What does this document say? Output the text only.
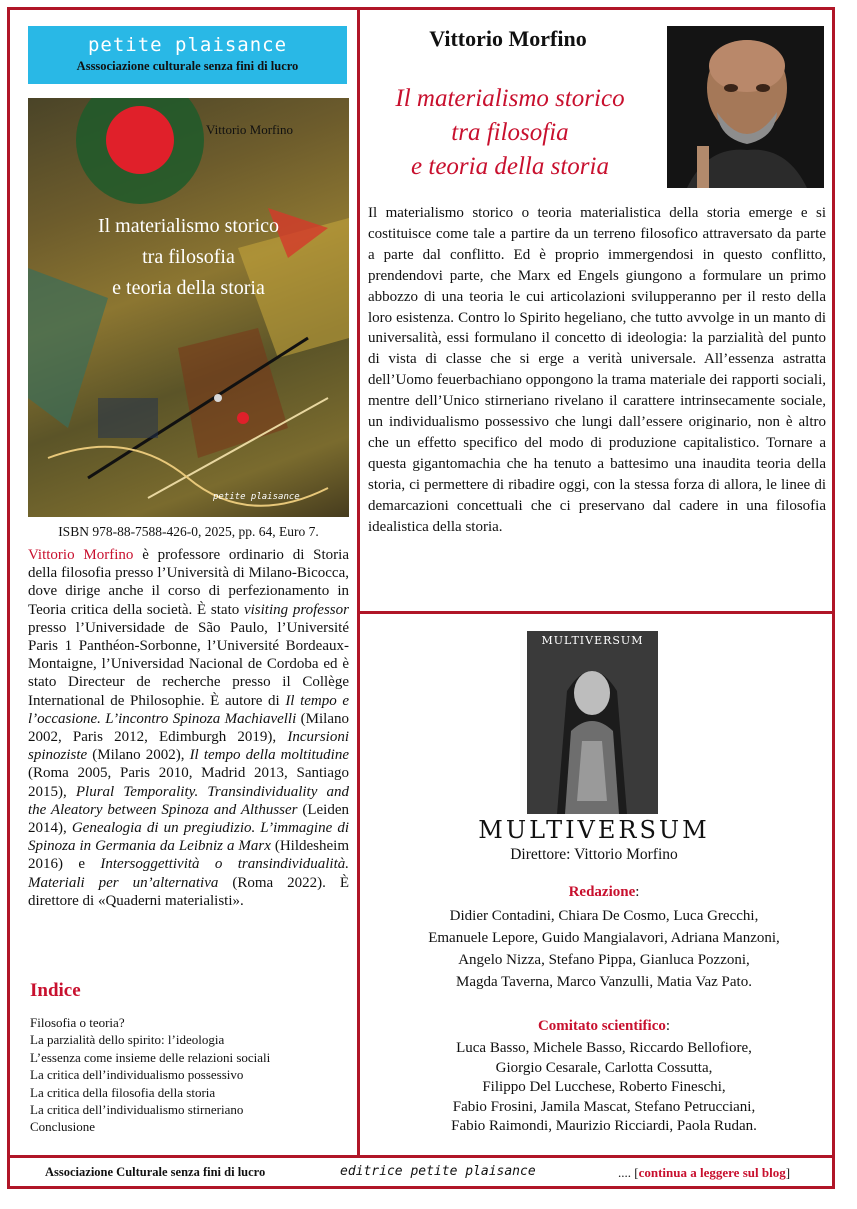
petite plaisance
Asssociazione culturale senza fini di lucro
Vittorio Morfino
Il materialismo storico
tra filosofia
e teoria della storia
petite plaisance
ISBN 978-88-7588-426-0, 2025, pp. 64, Euro 7.
Vittorio Morfino è professore ordinario di Storia della filosofia presso l’Università di Milano-Bicocca, dove dirige anche il corso di perfezionamento in Teoria critica della società. È stato visiting professor presso l’Universidade de São Paulo, l’Université Paris 1 Panthéon-Sorbonne, l’Université Bordeaux-Montaigne, l’Universidad Nacional de Cordoba ed è stato Directeur de recherche presso il Collège International de Philosophie. È autore di Il tempo e l’occasione. L’incontro Spinoza Machiavelli (Milano 2002, Paris 2012, Edimburgh 2019), Incursioni spinoziste (Milano 2002), Il tempo della moltitudine (Roma 2005, Paris 2010, Madrid 2013, Santiago 2015), Plural Temporality. Transindividuality and the Aleatory between Spinoza and Althusser (Leiden 2014), Genealogia di un pregiudizio. L’immagine di Spinoza in Germania da Leibniz a Marx (Hildesheim 2016) e Intersoggettività o transindividualità. Materiali per un’alternativa (Roma 2022). È direttore di «Quaderni materialisti».
Indice
Filosofia o teoria?
La parzialità dello spirito: l’ideologia
L’essenza come insieme delle relazioni sociali
La critica dell’individualismo possessivo
La critica della filosofia della storia
La critica dell’individualismo stirneriano
Conclusione
Vittorio Morfino
Il materialismo storico
tra filosofia
e teoria della storia
Il materialismo storico o teoria materialistica della storia emerge e si costituisce come tale a partire da un terreno filosofico attraversato da parte a parte dal conflitto. Ed è proprio immergendosi in questo conflitto, prendendovi parte, che Marx ed Engels giungono a formulare un primo abbozzo di una teoria le cui articolazioni svilupperanno per il resto della loro esistenza. Contro lo Spirito hegeliano, che tutto avvolge in un manto di universalità, essi formulano il concetto di ideologia: la parzialità del punto di vista di classe che si erge a verità universale. All’essenza astratta dell’Uomo feuerbachiano oppongono la trama materiale dei rapporti sociali, mentre dell’Unico stirneriano rivelano il carattere intrinsecamente sociale, un individualismo possessivo che lungi dall’essere originario, non è altro che un effetto specifico del modo di produzione capitalistico. Tornare a questa gigantomachia che ha tenuto a battesimo una inaudita teoria della storia, ci permettere di ribadire oggi, con la stessa forza di allora, le linee di demarcazioni concettuali che ci preservano dal cadere in una filosofia idealistica della storia.
MULTIVERSUM
MULTIVERSUM
Direttore: Vittorio Morfino
Redazione:
Didier Contadini, Chiara De Cosmo, Luca Grecchi,
Emanuele Lepore, Guido Mangialavori, Adriana Manzoni,
Angelo Nizza, Stefano Pippa, Gianluca Pozzoni,
Magda Taverna, Marco Vanzulli, Matia Vaz Pato.
Comitato scientifico:
Luca Basso, Michele Basso, Riccardo Bellofiore,
Giorgio Cesarale, Carlotta Cossutta,
Filippo Del Lucchese, Roberto Fineschi,
Fabio Frosini, Jamila Mascat, Stefano Petrucciani,
Fabio Raimondi, Maurizio Ricciardi, Paola Rudan.
Associazione Culturale senza fini di lucro	editrice petite plaisance	.... [continua a leggere sul blog]
